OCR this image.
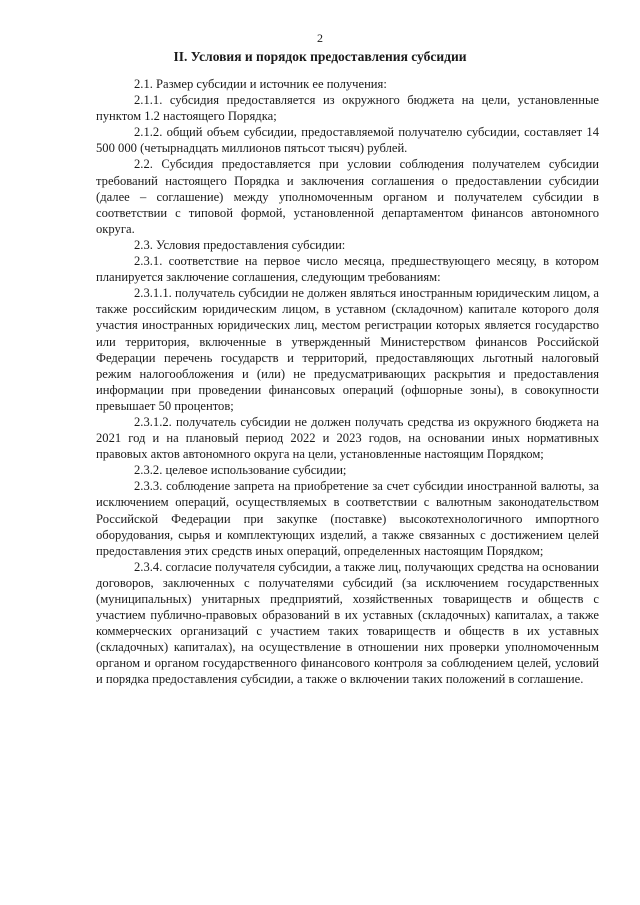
2
II. Условия и порядок предоставления субсидии

2.1. Размер субсидии и источник ее получения:

2.1.1. субсидия предоставляется из окружного бюджета на цели, установленные пунктом 1.2 настоящего Порядка;

2.1.2. общий объем субсидии, предоставляемой получателю субсидии, составляет 14 500 000 (четырнадцать миллионов пятьсот тысяч) рублей.

2.2. Субсидия предоставляется при условии соблюдения получателем субсидии требований настоящего Порядка и заключения соглашения о предоставлении субсидии (далее – соглашение) между уполномоченным органом и получателем субсидии в соответствии с типовой формой, установленной департаментом финансов автономного округа.

2.3. Условия предоставления субсидии:

2.3.1. соответствие на первое число месяца, предшествующего месяцу, в котором планируется заключение соглашения, следующим требованиям:

2.3.1.1. получатель субсидии не должен являться иностранным юридическим лицом, а также российским юридическим лицом, в уставном (складочном) капитале которого доля участия иностранных юридических лиц, местом регистрации которых является государство или территория, включенные в утвержденный Министерством финансов Российской Федерации перечень государств и территорий, предоставляющих льготный налоговый режим налогообложения и (или) не предусматривающих раскрытия и предоставления информации при проведении финансовых операций (офшорные зоны), в совокупности превышает 50 процентов;

2.3.1.2. получатель субсидии не должен получать средства из окружного бюджета на 2021 год и на плановый период 2022 и 2023 годов, на основании иных нормативных правовых актов автономного округа на цели, установленные настоящим Порядком;

2.3.2. целевое использование субсидии;

2.3.3. соблюдение запрета на приобретение за счет субсидии иностранной валюты, за исключением операций, осуществляемых в соответствии с валютным законодательством Российской Федерации при закупке (поставке) высокотехнологичного импортного оборудования, сырья и комплектующих изделий, а также связанных с достижением целей предоставления этих средств иных операций, определенных настоящим Порядком;

2.3.4. согласие получателя субсидии, а также лиц, получающих средства на основании договоров, заключенных с получателями субсидий (за исключением государственных (муниципальных) унитарных предприятий, хозяйственных товариществ и обществ с участием публично-правовых образований в их уставных (складочных) капиталах, а также коммерческих организаций с участием таких товариществ и обществ в их уставных (складочных) капиталах), на осуществление в отношении них проверки уполномоченным органом и органом государственного финансового контроля за соблюдением целей, условий и порядка предоставления субсидии, а также о включении таких положений в соглашение.
